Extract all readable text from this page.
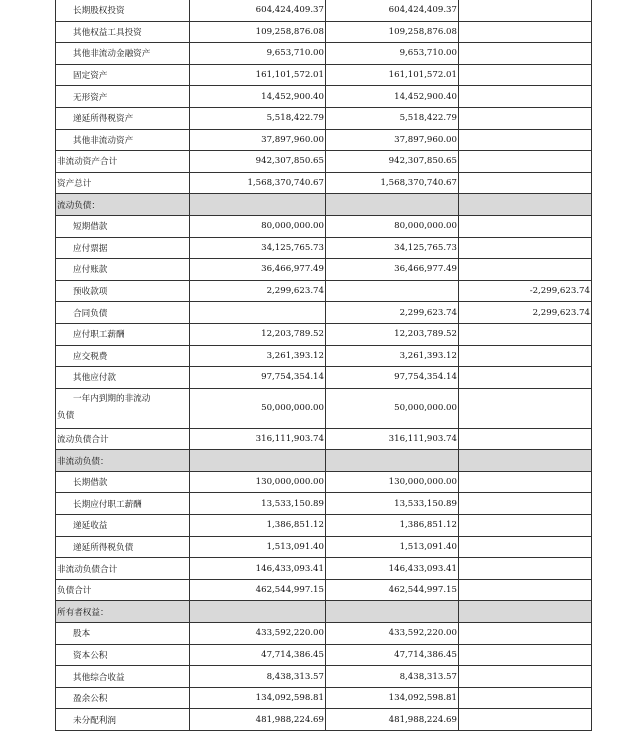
长期股权投资	604,424,409.37	604,424,409.37	
其他权益工具投资	109,258,876.08	109,258,876.08	
其他非流动金融资产	9,653,710.00	9,653,710.00	
固定资产	161,101,572.01	161,101,572.01	
无形资产	14,452,900.40	14,452,900.40	
递延所得税资产	5,518,422.79	5,518,422.79	
其他非流动资产	37,897,960.00	37,897,960.00	
非流动资产合计	942,307,850.65	942,307,850.65	
资产总计	1,568,370,740.67	1,568,370,740.67	
流动负债：			
短期借款	80,000,000.00	80,000,000.00	
应付票据	34,125,765.73	34,125,765.73	
应付账款	36,466,977.49	36,466,977.49	
预收款项	2,299,623.74		-2,299,623.74
合同负债		2,299,623.74	2,299,623.74
应付职工薪酬	12,203,789.52	12,203,789.52	
应交税费	3,261,393.12	3,261,393.12	
其他应付款	97,754,354.14	97,754,354.14	

一年内到期的非流动
负债	50,000,000.00	50,000,000.00	
流动负债合计	316,111,903.74	316,111,903.74	
非流动负债：			
长期借款	130,000,000.00	130,000,000.00	
长期应付职工薪酬	13,533,150.89	13,533,150.89	
递延收益	1,386,851.12	1,386,851.12	
递延所得税负债	1,513,091.40	1,513,091.40	
非流动负债合计	146,433,093.41	146,433,093.41	
负债合计	462,544,997.15	462,544,997.15	
所有者权益：			
股本	433,592,220.00	433,592,220.00	
资本公积	47,714,386.45	47,714,386.45	
其他综合收益	8,438,313.57	8,438,313.57	
盈余公积	134,092,598.81	134,092,598.81	
未分配利润	481,988,224.69	481,988,224.69	
